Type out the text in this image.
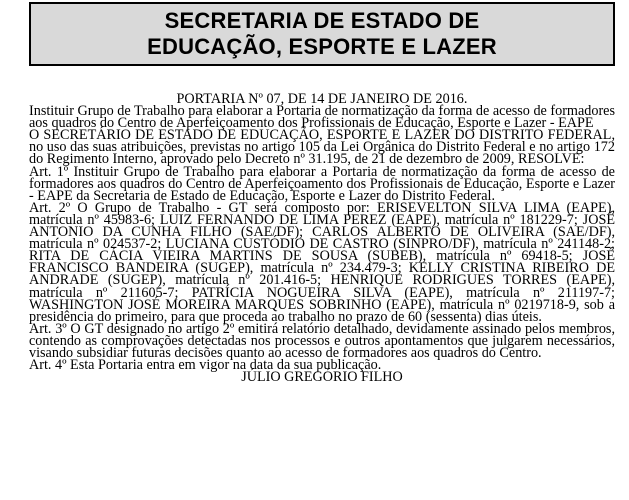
SECRETARIA DE ESTADO DE
EDUCAÇÃO, ESPORTE E LAZER

PORTARIA Nº 07, DE 14 DE JANEIRO DE 2016.

Instituir Grupo de Trabalho para elaborar a Portaria de normatização da forma de acesso de formadores aos quadros do Centro de Aperfeiçoamento dos Profissionais de Educação, Esporte e Lazer - EAPE

O SECRETÁRIO DE ESTADO DE EDUCAÇÃO, ESPORTE E LAZER DO DISTRITO FEDERAL, no uso das suas atribuições, previstas no artigo 105 da Lei Orgânica do Distrito Federal e no artigo 172 do Regimento Interno, aprovado pelo Decreto nº 31.195, de 21 de dezembro de 2009, RESOLVE:

Art. 1º Instituir Grupo de Trabalho para elaborar a Portaria de normatização da forma de acesso de formadores aos quadros do Centro de Aperfeiçoamento dos Profissionais de Educação, Esporte e Lazer - EAPE da Secretaria de Estado de Educação, Esporte e Lazer do Distrito Federal.

Art. 2º O Grupo de Trabalho - GT será composto por: ERISEVELTON SILVA LIMA (EAPE), matrícula nº 45983-6; LUIZ FERNANDO DE LIMA PEREZ (EAPE), matrícula nº 181229-7; JOSÉ ANTONIO DA CUNHA FILHO (SAE/DF); CARLOS ALBERTO DE OLIVEIRA (SAE/DF), matrícula nº 024537-2; LUCIANA CUSTÓDIO DE CASTRO (SINPRO/DF), matrícula nº 241148-2; RITA DE CÁCIA VIEIRA MARTINS DE SOUSA (SUBEB), matrícula nº 69418-5; JOSÉ FRANCISCO BANDEIRA (SUGEP), matrícula nº 234.479-3; KELLY CRISTINA RIBEIRO DE ANDRADE (SUGEP), matrícula nº 201.416-5; HENRIQUE RODRIGUES TORRES (EAPE), matrícula nº 211605-7; PATRÍCIA NOGUEIRA SILVA (EAPE), matrícula nº 211197-7; WASHINGTON JOSÉ MOREIRA MARQUES SOBRINHO (EAPE), matrícula nº 0219718-9, sob a presidência do primeiro, para que proceda ao trabalho no prazo de 60 (sessenta) dias úteis.

Art. 3º O GT designado no artigo 2º emitirá relatório detalhado, devidamente assinado pelos membros, contendo as comprovações detectadas nos processos e outros apontamentos que julgarem necessários, visando subsidiar futuras decisões quanto ao acesso de formadores aos quadros do Centro.

Art. 4º Esta Portaria entra em vigor na data da sua publicação.

JÚLIO GREGÓRIO FILHO
